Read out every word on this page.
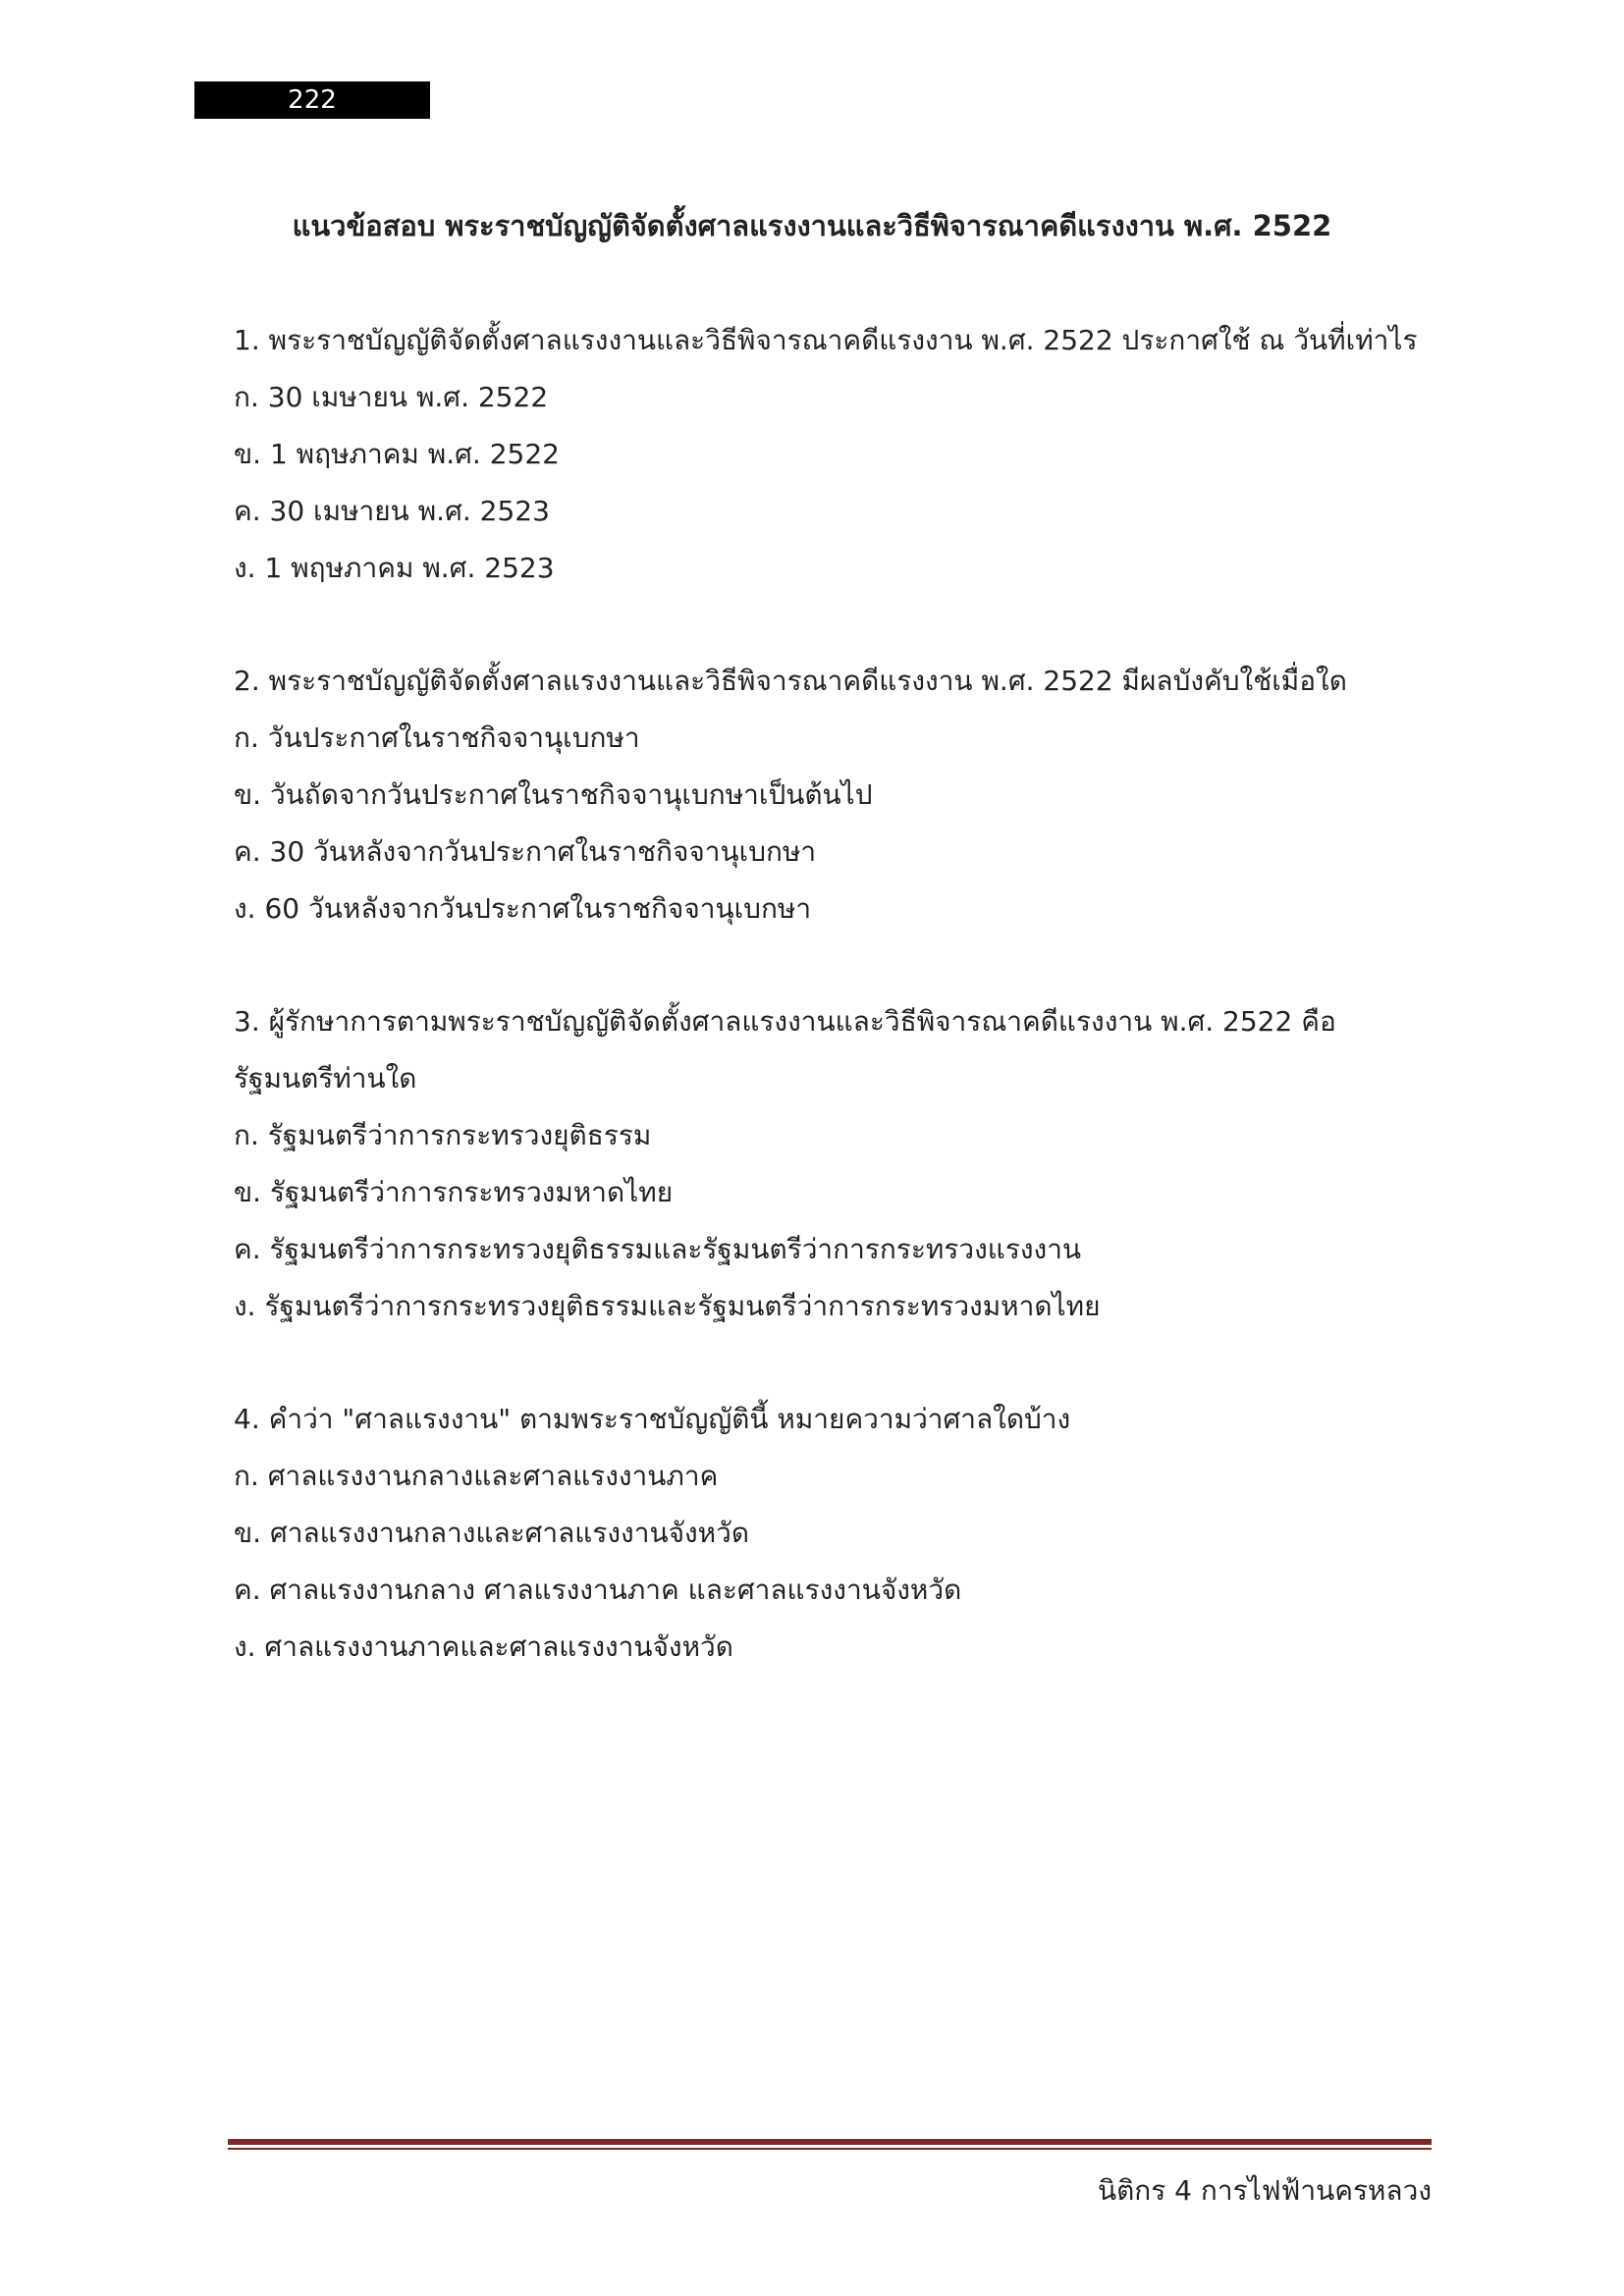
222
แนวข้อสอบ พระราชบัญญัติจัดตั้งศาลแรงงานและวิธีพิจารณาคดีแรงงาน พ.ศ. 2522
1. พระราชบัญญัติจัดตั้งศาลแรงงานและวิธีพิจารณาคดีแรงงาน พ.ศ. 2522 ประกาศใช้ ณ วันที่เท่าไร
ก. 30 เมษายน พ.ศ. 2522
ข. 1 พฤษภาคม พ.ศ. 2522
ค. 30 เมษายน พ.ศ. 2523
ง. 1 พฤษภาคม พ.ศ. 2523
2. พระราชบัญญัติจัดตั้งศาลแรงงานและวิธีพิจารณาคดีแรงงาน พ.ศ. 2522 มีผลบังคับใช้เมื่อใด
ก. วันประกาศในราชกิจจานุเบกษา
ข. วันถัดจากวันประกาศในราชกิจจานุเบกษาเป็นต้นไป
ค. 30 วันหลังจากวันประกาศในราชกิจจานุเบกษา
ง. 60 วันหลังจากวันประกาศในราชกิจจานุเบกษา
3. ผู้รักษาการตามพระราชบัญญัติจัดตั้งศาลแรงงานและวิธีพิจารณาคดีแรงงาน พ.ศ. 2522 คือรัฐมนตรีท่านใด
ก. รัฐมนตรีว่าการกระทรวงยุติธรรม
ข. รัฐมนตรีว่าการกระทรวงมหาดไทย
ค. รัฐมนตรีว่าการกระทรวงยุติธรรมและรัฐมนตรีว่าการกระทรวงแรงงาน
ง. รัฐมนตรีว่าการกระทรวงยุติธรรมและรัฐมนตรีว่าการกระทรวงมหาดไทย
4. คำว่า "ศาลแรงงาน" ตามพระราชบัญญัตินี้ หมายความว่าศาลใดบ้าง
ก. ศาลแรงงานกลางและศาลแรงงานภาค
ข. ศาลแรงงานกลางและศาลแรงงานจังหวัด
ค. ศาลแรงงานกลาง ศาลแรงงานภาค และศาลแรงงานจังหวัด
ง. ศาลแรงงานภาคและศาลแรงงานจังหวัด
นิติกร 4 การไฟฟ้านครหลวง
